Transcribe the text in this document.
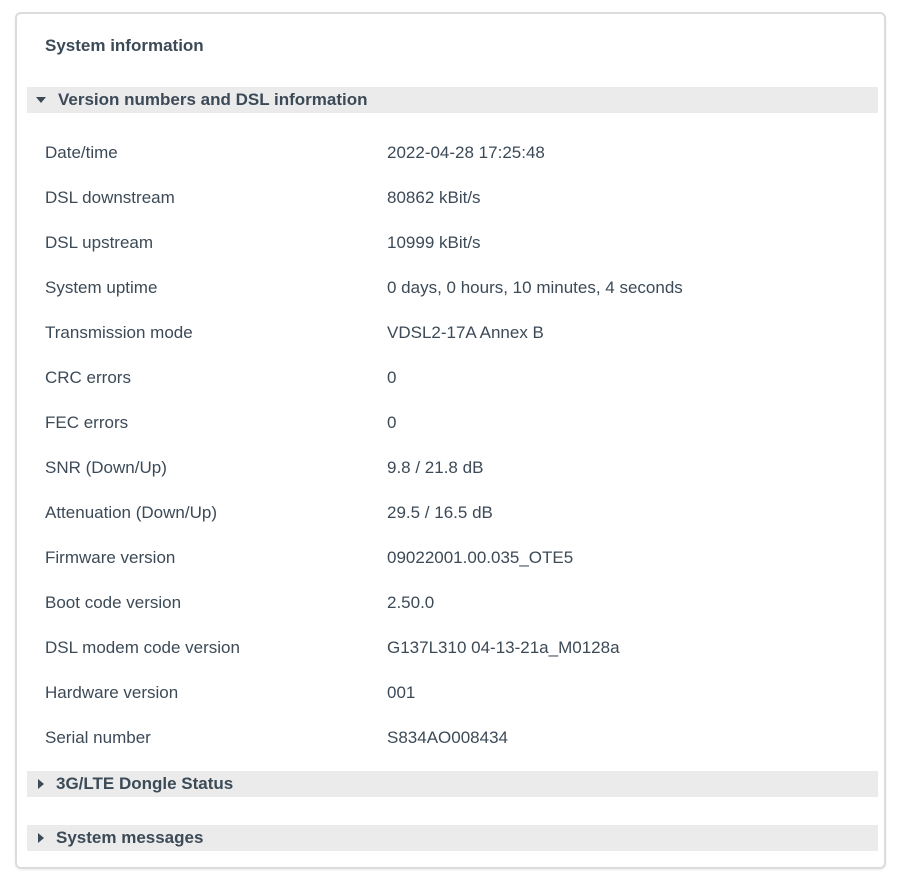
System information
Version numbers and DSL information
Date/time	2022-04-28 17:25:48
DSL downstream	80862 kBit/s
DSL upstream	10999 kBit/s
System uptime	0 days, 0 hours, 10 minutes, 4 seconds
Transmission mode	VDSL2-17A Annex B
CRC errors	0
FEC errors	0
SNR (Down/Up)	9.8 / 21.8 dB
Attenuation (Down/Up)	29.5 / 16.5 dB
Firmware version	09022001.00.035_OTE5
Boot code version	2.50.0
DSL modem code version	G137L310 04-13-21a_M0128a
Hardware version	001
Serial number	S834AO008434
3G/LTE Dongle Status
System messages
